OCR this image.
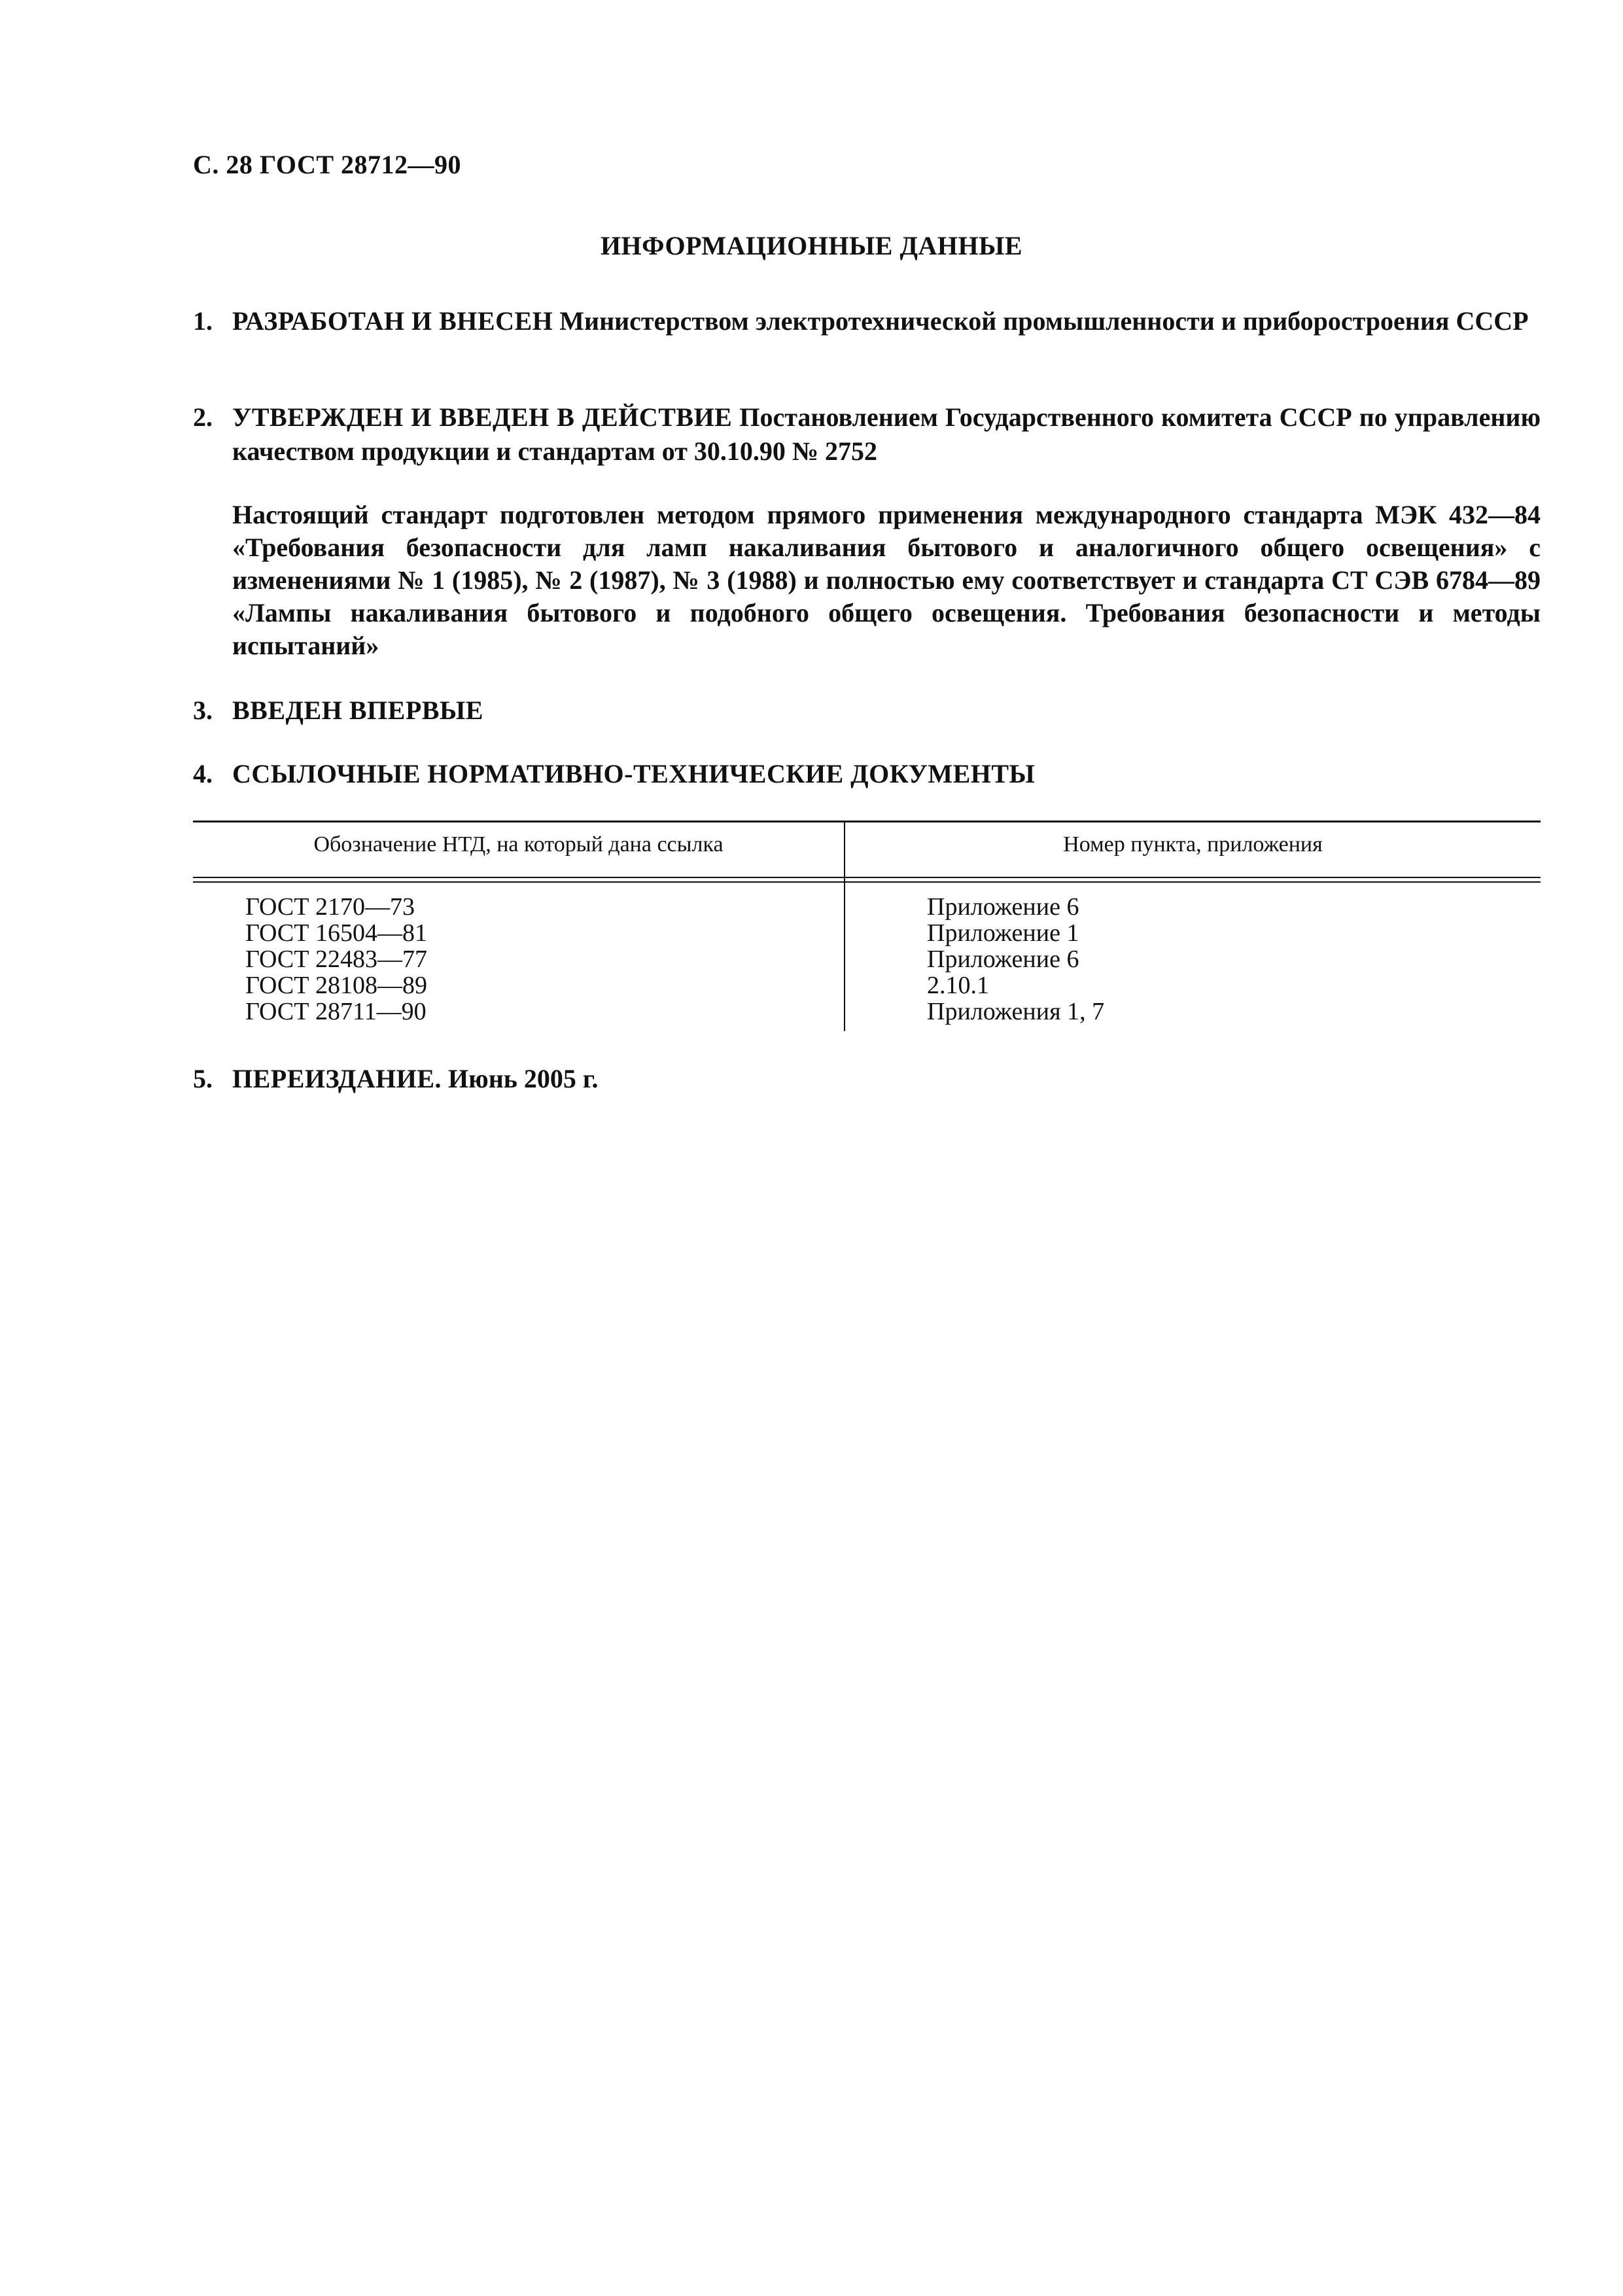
С. 28 ГОСТ 28712—90
ИНФОРМАЦИОННЫЕ ДАННЫЕ
1. РАЗРАБОТАН И ВНЕСЕН Министерством электротехнической промышленности и приборостроения СССР
2. УТВЕРЖДЕН И ВВЕДЕН В ДЕЙСТВИЕ Постановлением Государственного комитета СССР по управлению качеством продукции и стандартам от 30.10.90 № 2752
Настоящий стандарт подготовлен методом прямого применения международного стандарта МЭК 432—84 «Требования безопасности для ламп накаливания бытового и аналогичного общего освещения» с изменениями № 1 (1985), № 2 (1987), № 3 (1988) и полностью ему соответствует и стандарта СТ СЭВ 6784—89 «Лампы накаливания бытового и подобного общего освещения. Требования безопасности и методы испытаний»
3. ВВЕДЕН ВПЕРВЫЕ
4. ССЫЛОЧНЫЕ НОРМАТИВНО-ТЕХНИЧЕСКИЕ ДОКУМЕНТЫ
Обозначение НТД, на который дана ссылка	Номер пункта, приложения
ГОСТ 2170—73
ГОСТ 16504—81
ГОСТ 22483—77
ГОСТ 28108—89
ГОСТ 28711—90
Приложение 6
Приложение 1
Приложение 6
2.10.1
Приложения 1, 7
5. ПЕРЕИЗДАНИЕ. Июнь 2005 г.
